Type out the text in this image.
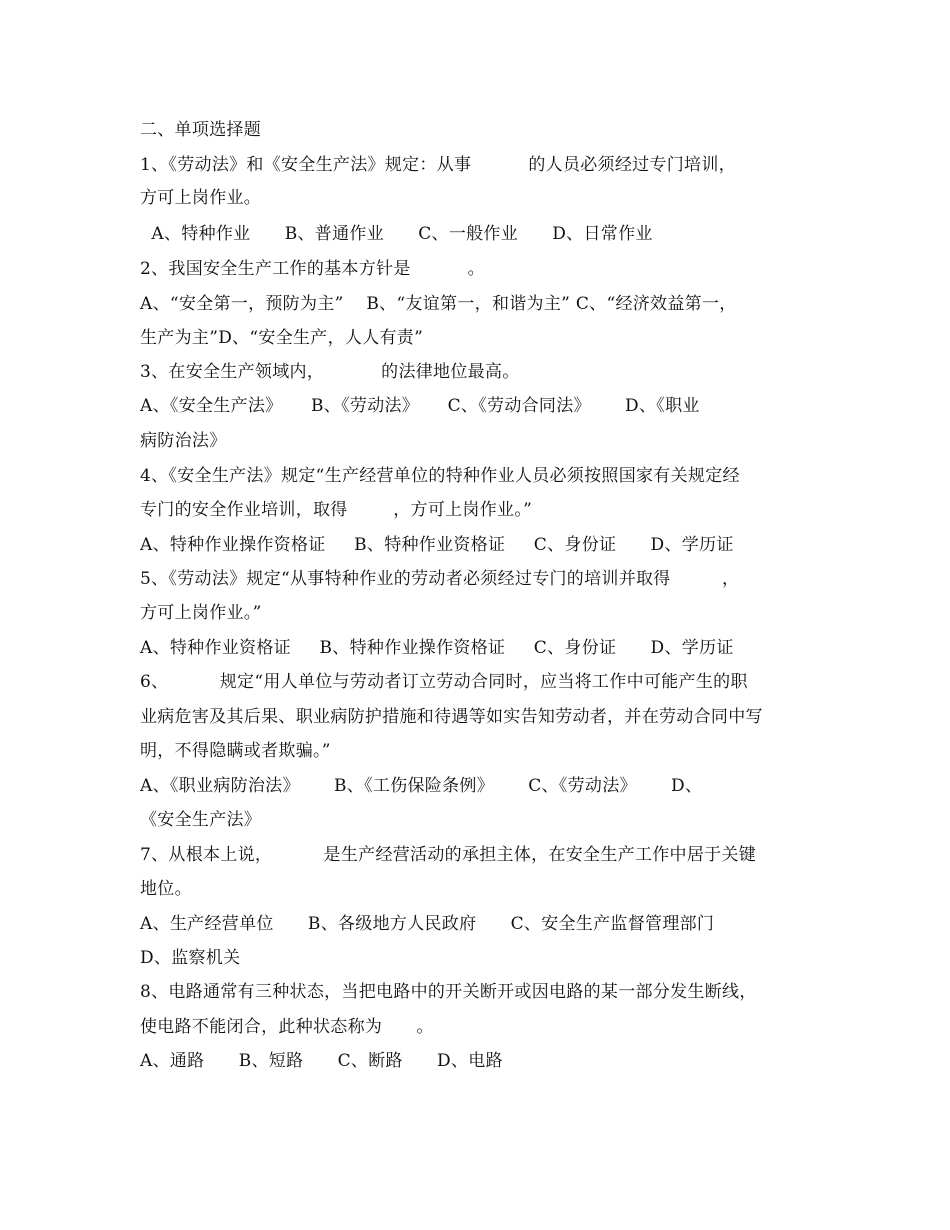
二、单项选择题
1、《劳动法》和《安全生产法》规定：从事          的人员必须经过专门培训，
方可上岗作业。
A、特种作业      B、普通作业      C、一般作业      D、日常作业
2、我国安全生产工作的基本方针是          。
A、“安全第一，预防为主”    B、“友谊第一，和谐为主” C、“经济效益第一，
生产为主”D、“安全生产，人人有责”
3、在安全生产领域内，          的法律地位最高。
A、《安全生产法》     B、《劳动法》     C、《劳动合同法》      D、《职业
病防治法》
4、《安全生产法》规定“生产经营单位的特种作业人员必须按照国家有关规定经
专门的安全作业培训，取得        ，方可上岗作业。”
A、特种作业操作资格证     B、特种作业资格证     C、身份证      D、学历证
5、《劳动法》规定“从事特种作业的劳动者必须经过专门的培训并取得         ，
方可上岗作业。”
A、特种作业资格证     B、特种作业操作资格证     C、身份证      D、学历证
6、         规定“用人单位与劳动者订立劳动合同时，应当将工作中可能产生的职
业病危害及其后果、职业病防护措施和待遇等如实告知劳动者，并在劳动合同中写
明，不得隐瞒或者欺骗。”
A、《职业病防治法》      B、《工伤保险条例》      C、《劳动法》      D、
《安全生产法》
7、从根本上说，         是生产经营活动的承担主体，在安全生产工作中居于关键
地位。
A、生产经营单位      B、各级地方人民政府      C、安全生产监督管理部门
D、监察机关
8、电路通常有三种状态，当把电路中的开关断开或因电路的某一部分发生断线，
使电路不能闭合，此种状态称为      。
A、通路      B、短路      C、断路      D、电路
